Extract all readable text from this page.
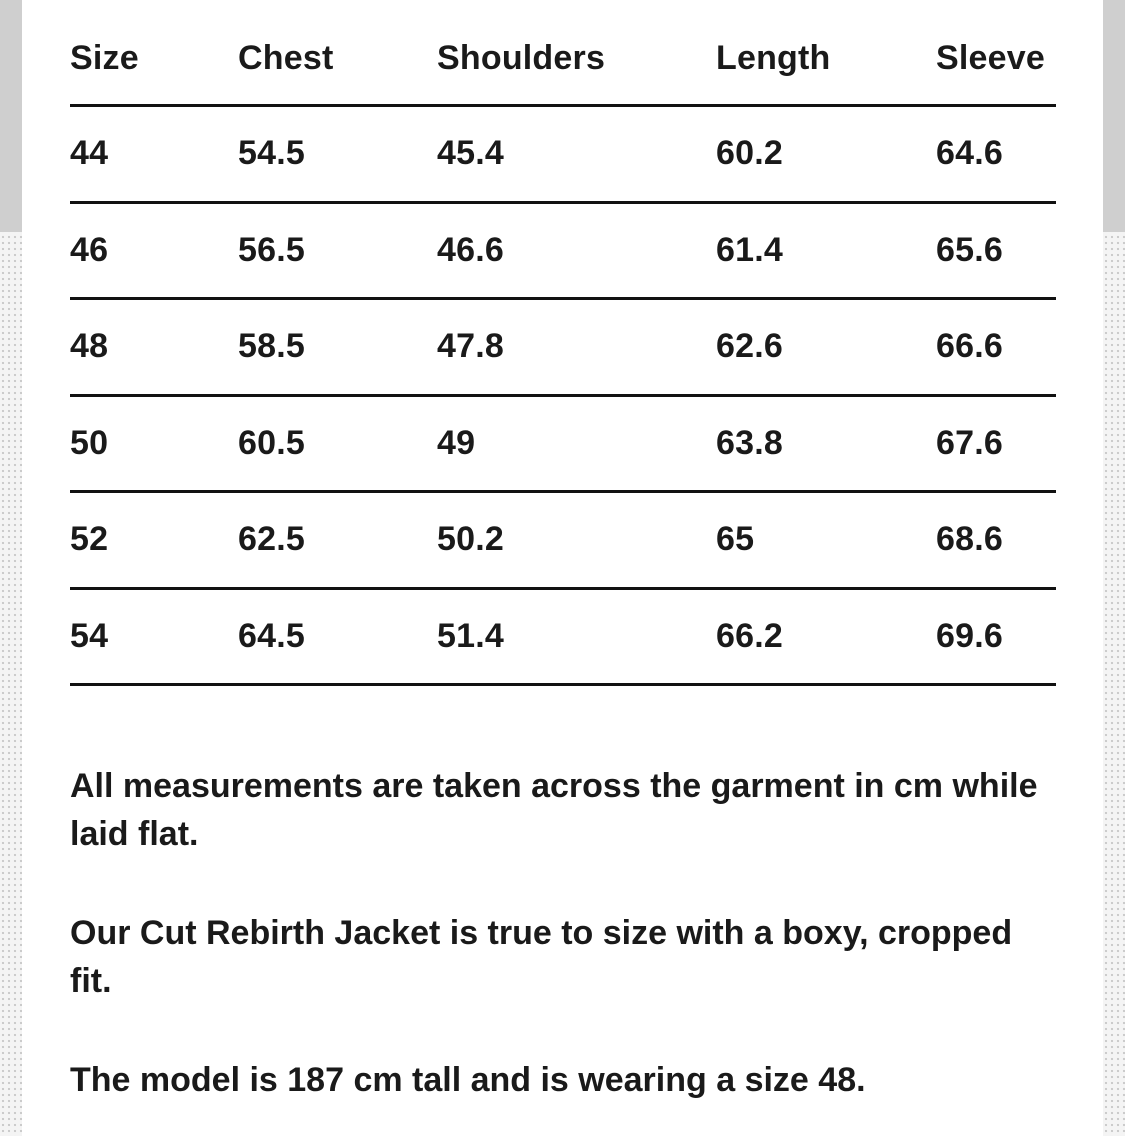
Size	Chest	Shoulders	Length	Sleeve
44	54.5	45.4	60.2	64.6
46	56.5	46.6	61.4	65.6
48	58.5	47.8	62.6	66.6
50	60.5	49	63.8	67.6
52	62.5	50.2	65	68.6
54	64.5	51.4	66.2	69.6

All measurements are taken across the garment in cm while laid flat.

Our Cut Rebirth Jacket is true to size with a boxy, cropped fit.

The model is 187 cm tall and is wearing a size 48.
